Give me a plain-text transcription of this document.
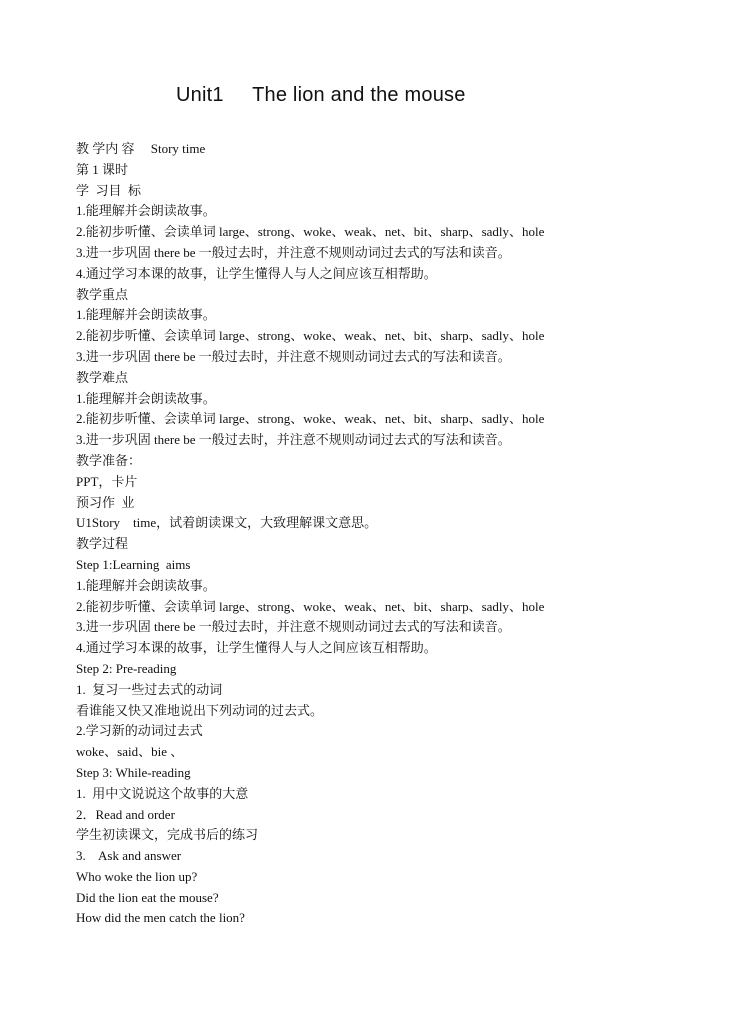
Unit1     The lion and the mouse
教 学内 容     Story time
第 1 课时
学  习目  标
1.能理解并会朗读故事。
2.能初步听懂、会读单词 large、strong、woke、weak、net、bit、sharp、sadly、hole
3.进一步巩固 there be 一般过去时，并注意不规则动词过去式的写法和读音。
4.通过学习本课的故事，让学生懂得人与人之间应该互相帮助。
教学重点
1.能理解并会朗读故事。
2.能初步听懂、会读单词 large、strong、woke、weak、net、bit、sharp、sadly、hole
3.进一步巩固 there be 一般过去时，并注意不规则动词过去式的写法和读音。
教学难点
1.能理解并会朗读故事。
2.能初步听懂、会读单词 large、strong、woke、weak、net、bit、sharp、sadly、hole
3.进一步巩固 there be 一般过去时，并注意不规则动词过去式的写法和读音。
教学准备：
PPT，卡片
预习作  业
U1Story    time，试着朗读课文，大致理解课文意思。
教学过程
Step 1:Learning  aims
1.能理解并会朗读故事。
2.能初步听懂、会读单词 large、strong、woke、weak、net、bit、sharp、sadly、hole
3.进一步巩固 there be 一般过去时，并注意不规则动词过去式的写法和读音。
4.通过学习本课的故事，让学生懂得人与人之间应该互相帮助。
Step 2: Pre-reading
1.  复习一些过去式的动词
看谁能又快又准地说出下列动词的过去式。
2.学习新的动词过去式
woke、said、bie 、
Step 3: While-reading
1.  用中文说说这个故事的大意
2．Read and order
学生初读课文，完成书后的练习
3.    Ask and answer
Who woke the lion up?
Did the lion eat the mouse?
How did the men catch the lion?
